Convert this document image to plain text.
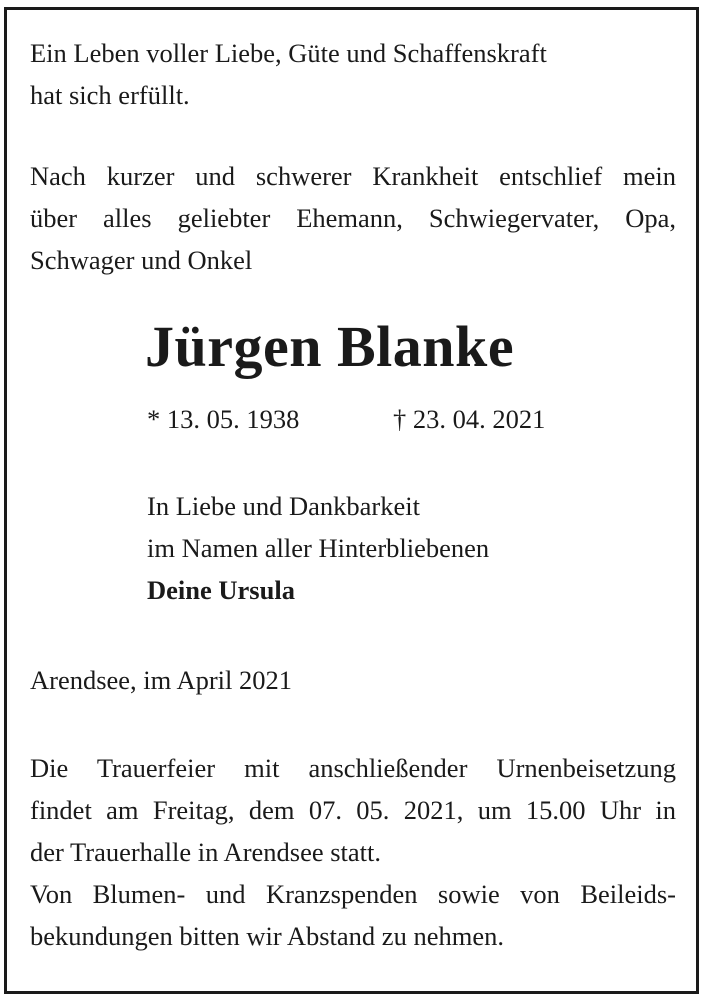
Ein Leben voller Liebe, Güte und Schaffenskraft
hat sich erfüllt.
Nach kurzer und schwerer Krankheit entschlief mein
über alles geliebter Ehemann, Schwiegervater, Opa,
Schwager und Onkel
Jürgen Blanke
* 13. 05. 1938	† 23. 04. 2021
In Liebe und Dankbarkeit
im Namen aller Hinterbliebenen
Deine Ursula
Arendsee, im April 2021
Die Trauerfeier mit anschließender Urnenbeisetzung
findet am Freitag, dem 07. 05. 2021, um 15.00 Uhr in
der Trauerhalle in Arendsee statt.
Von Blumen- und Kranzspenden sowie von Beileids-
bekundungen bitten wir Abstand zu nehmen.
